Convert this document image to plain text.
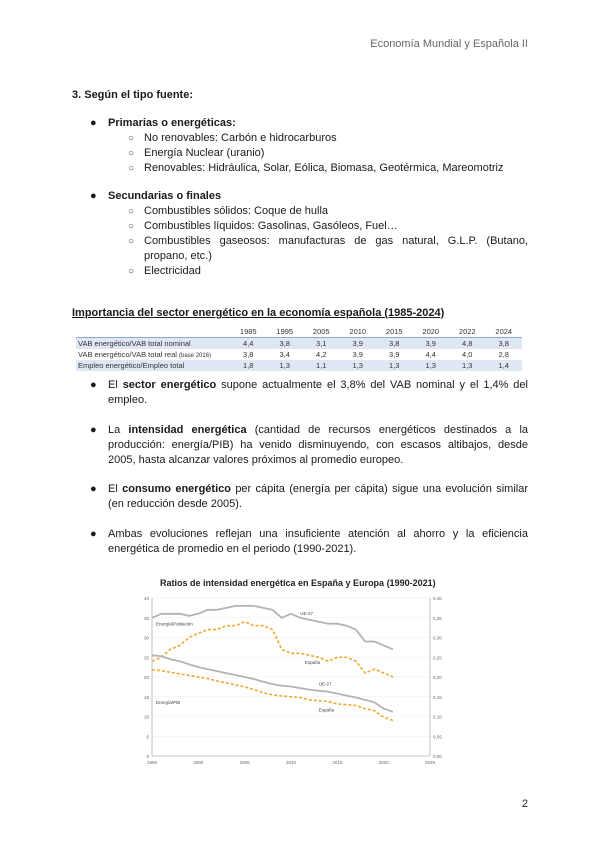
Economía Mundial y Española II
3. Según el tipo fuente:
● Primarias o energéticas:
○ No renovables: Carbón e hidrocarburos
○ Energía Nuclear (uranio)
○ Renovables: Hidráulica, Solar, Eólica, Biomasa, Geotérmica, Mareomotriz
● Secundarias o finales
○ Combustibles sólidos: Coque de hulla
○ Combustibles líquidos: Gasolinas, Gasóleos, Fuel…
○ Combustibles gaseosos: manufacturas de gas natural, G.L.P. (Butano, propano, etc.)
○ Electricidad
Importancia del sector energético en la economía española (1985-2024)
	1985	1995	2005	2010	2015	2020	2022	2024
VAB energético/VAB total nominal	4,4	3,8	3,1	3,9	3,8	3,9	4,8	3,8
VAB energético/VAB total real (base 2016)	3,8	3,4	4,2	3,9	3,9	4,4	4,0	2,8
Empleo energético/Empleo total	1,8	1,3	1,1	1,3	1,3	1,3	1,3	1,4
● El sector energético supone actualmente el 3,8% del VAB nominal y el 1,4% del empleo.
● La intensidad energética (cantidad de recursos energéticos destinados a la producción: energía/PIB) ha venido disminuyendo, con escasos altibajos, desde 2005, hasta alcanzar valores próximos al promedio europeo.
● El consumo energético per cápita (energía per cápita) sigue una evolución similar (en reducción desde 2005).
● Ambas evoluciones reflejan una insuficiente atención al ahorro y la eficiencia energética de promedio en el periodo (1990-2021).
Ratios de intensidad energética en España y Europa (1990-2021)
0
5
10
15
20
25
30
35
40
0,00
0,05
0,10
0,15
0,20
0,25
0,30
0,35
0,40
1995	2000	2005	2010	2015	2020	2025
Energía/Población
Energía/PIB
UE-27
España
UE-27
España
2
